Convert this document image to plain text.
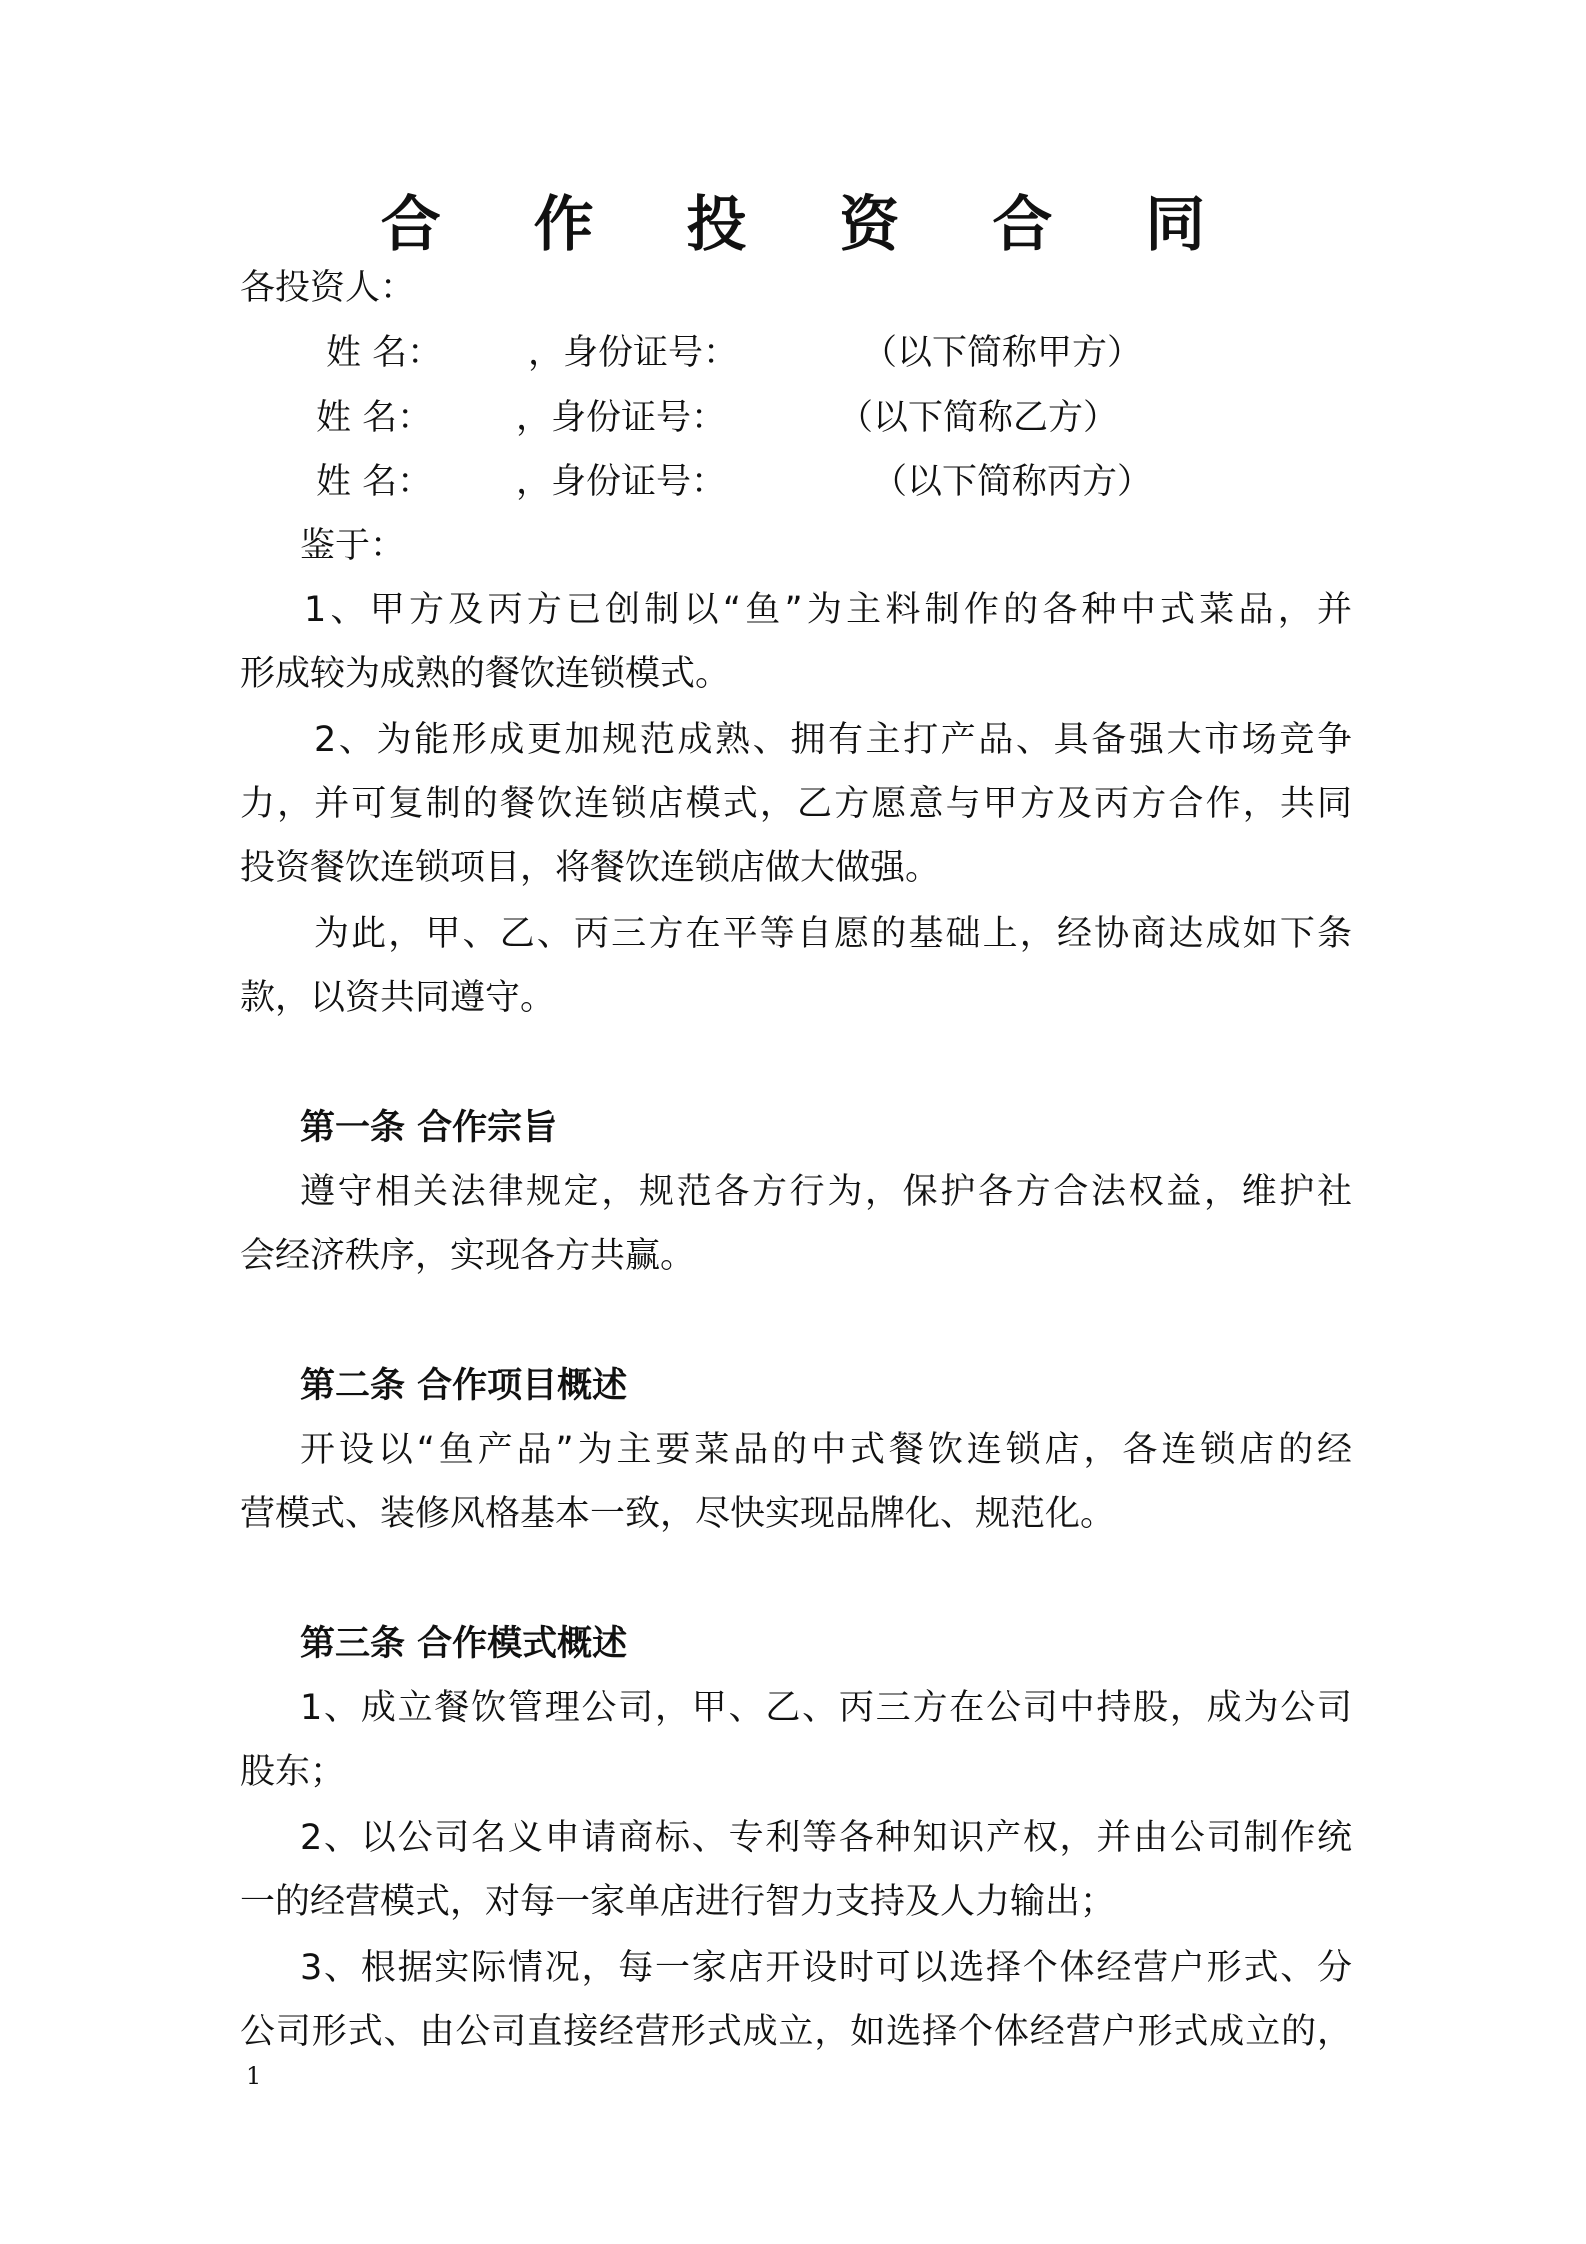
合 作 投 资 合 同
各投资人：
姓 名： ，身份证号：	（以下简称甲方）
姓 名： ，身份证号：	（以下简称乙方）
姓 名： ，身份证号：	（以下简称丙方）
鉴于：
1、甲方及丙方已创制以“鱼”为主料制作的各种中式菜品，并
形成较为成熟的餐饮连锁模式。
2、为能形成更加规范成熟、拥有主打产品、具备强大市场竞争
力，并可复制的餐饮连锁店模式，乙方愿意与甲方及丙方合作，共同
投资餐饮连锁项目，将餐饮连锁店做大做强。
为此，甲、乙、丙三方在平等自愿的基础上，经协商达成如下条
款，以资共同遵守。
第一条 合作宗旨
遵守相关法律规定，规范各方行为，保护各方合法权益，维护社
会经济秩序，实现各方共赢。
第二条 合作项目概述
开设以“鱼产品”为主要菜品的中式餐饮连锁店，各连锁店的经
营模式、装修风格基本一致，尽快实现品牌化、规范化。
第三条 合作模式概述
1、成立餐饮管理公司，甲、乙、丙三方在公司中持股，成为公司
股东；
2、以公司名义申请商标、专利等各种知识产权，并由公司制作统
一的经营模式，对每一家单店进行智力支持及人力输出；
3、根据实际情况，每一家店开设时可以选择个体经营户形式、分
公司形式、由公司直接经营形式成立，如选择个体经营户形式成立的，
1
